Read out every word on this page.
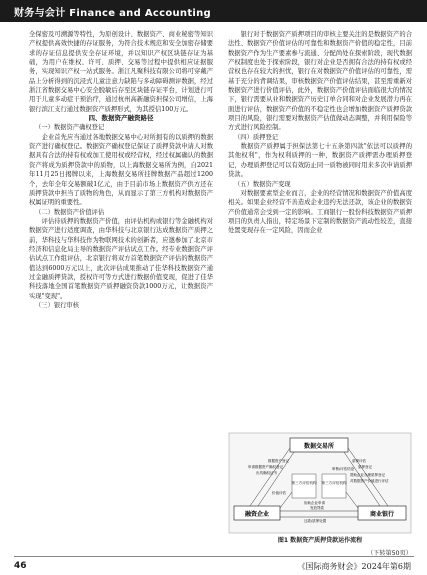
财务与会计 Finance and Accounting

全保密及可溯源等特性，为原创设计、数据资产、商业秘密等知识产权提供高效快捷的存证服务，为符合技术规范和安全加密存储要求的存证信息提供安全存证环境，并以知识产权区块链存证为基础，为用户在维权、许可、质押、交易等过程中提供相应证据服务，实现知识产权一站式服务。浙江凡聚科技有限公司将可穿戴产品上分析得到的沉浸式儿童注意力缺陷与多动障碍测评数据，经过浙江省数据交易中心安全脱敏后存至区块链存证平台，计划进行可用于儿童多动症干预治疗，通过杭州高新融资担保公司增信，上海银行滨江支行通过数据资产质押形式，为其授信100万元。

四、数据资产融资路径

（一）数据资产确权登记

企业首先应当通过各地数据交易中心对所拥有的以质押的数据资产进行确权登记。数据资产确权登记保证了质押贷款申请人对数据具有合法的持有权或加工使用权或经营权，经过权属确认的数据资产将成为质押贷款中的质物，以上海数据交易所为例，自2021年11月25日揭牌以来，上海数据交易所挂牌数据产品超过1200个，去年全年交易额破1亿元，由于目前市场上数据资产供方还在质押贷款中担当了质物的角色，从而显示了第三方机构对数据资产权属证明的重要性。

（二）数据资产价值评估

评估待质押的数据资产价值，由评估机构或银行等金融机构对数据资产进行适度调查，由华科技与北京银行达成数据资产质押之前，华科技与华科技作为物联网技术的创新者，应邀参加了北京市经济和信息化局主导的数据资产评估试点工作。经专业数据资产评估试点工作组评估，北京银行将双方首笔数据资产评估的数据资产值达到6000万元以上，此次评估成果推动了佳华科技数据资产通过金融质押贷款，授权许可等方式进行数据价值变现，促进了佳华科技落地全国首笔数据资产质押融资贷款1000万元，让数据资产实现"变现"。

（三）银行审核

银行对于数据资产质押项目的审核主要关注的是数据资产的合法性、数据资产价值评估的可靠性和数据资产价值的稳定性，目前数据资产作为生产要素参与流通、分配尚处在探索阶段，现代数据产权制度也处于探索阶段，银行对企业是否拥有合法的持有权或经营权也存在较大的担忧，银行在对数据资产价值评估的可靠性，需基于充分的背调结果，审核数据资产价值评估结果，甚至需重新对数据资产进行价值评估，此外，数据资产价值评估面临很大的情况下，银行需要从业和数据资产历史订单合同和对企业发展潜力再在面进行评估，数据资产价值的不稳定性也会增加数据资产质押贷款项目的风险，银行需要对数据资产估值做动态调整，并利用保险等方式进行风险控制。

（四）质押登记

数据资产质押属于担保法第七十五条第四款"依法可以质押的其他权利"，作为权利质押的一种，数据资产质押需办理质押登记，办理质押登记可以有效防止同一质物被同时用来多次申请质押贷款。

（五）数据资产变现

对数据要素型企业而言，企业的经营情况和数据资产价值高度相关。如果企业经营不善造成企业违约无法还款，该企业的数据资产价值通常会受到一定的影响。工商银行一股份科技数据资产质押项目的负责人指出，特定场景下定制的数据资产流动性较差，直接处置变现存在一定风险，因而企业

数据交易所
融资企业	商业银行
第三方评估机构 第三方评估机构
申请数据资产确权登记
出具确权证书
数据资产登记
质押登记
质押评估
帮助企业办理质押登记
对数据资产价值进行评估
价值评估
协助企业申请
发放贷款
还款/质押处置
审核/评估结论
图1 数据资产质押贷款运作流程
（下转第50页）
46	《国际商务财会》2024年第6期
